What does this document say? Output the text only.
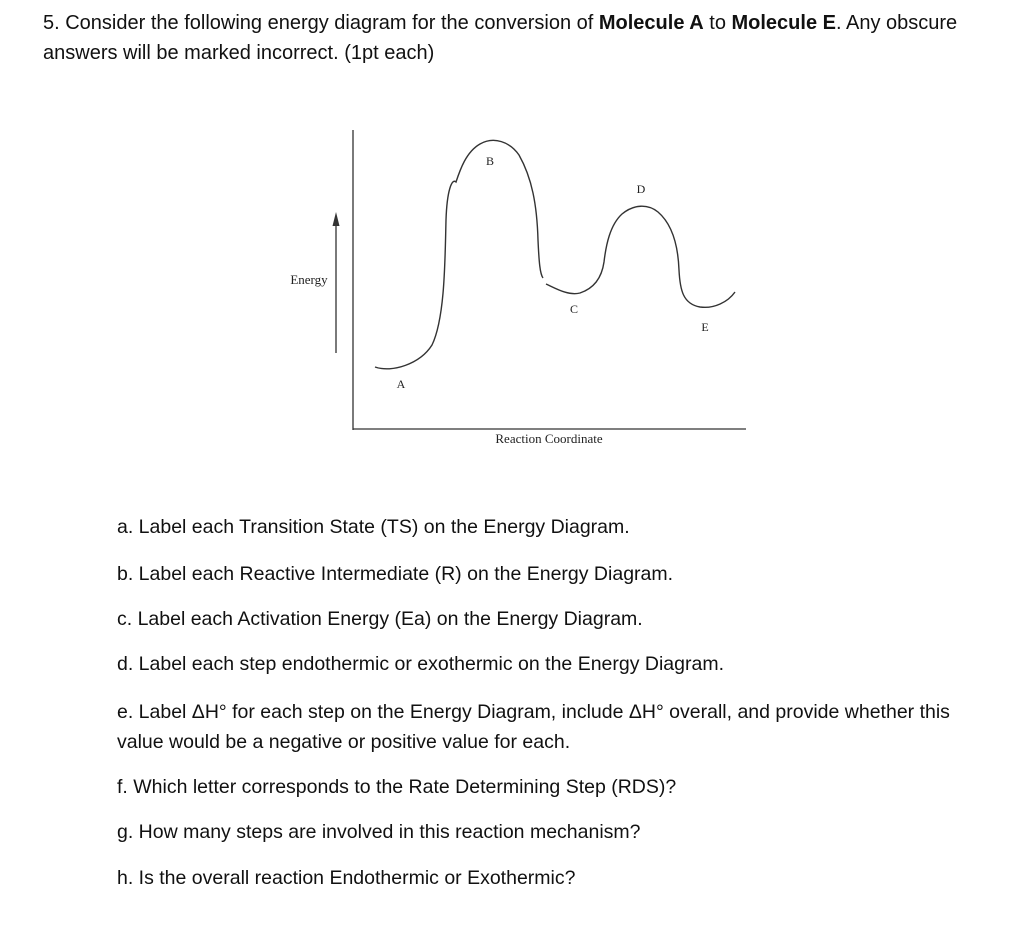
5. Consider the following energy diagram for the conversion of Molecule A to Molecule E. Any obscure answers will be marked incorrect. (1pt each)
Energy
Reaction Coordinate
A
B
C
D
E
a. Label each Transition State (TS) on the Energy Diagram.
b. Label each Reactive Intermediate (R) on the Energy Diagram.
c. Label each Activation Energy (Ea) on the Energy Diagram.
d. Label each step endothermic or exothermic on the Energy Diagram.
e. Label ΔH° for each step on the Energy Diagram, include ΔH° overall, and provide whether this value would be a negative or positive value for each.
f. Which letter corresponds to the Rate Determining Step (RDS)?
g. How many steps are involved in this reaction mechanism?
h. Is the overall reaction Endothermic or Exothermic?
